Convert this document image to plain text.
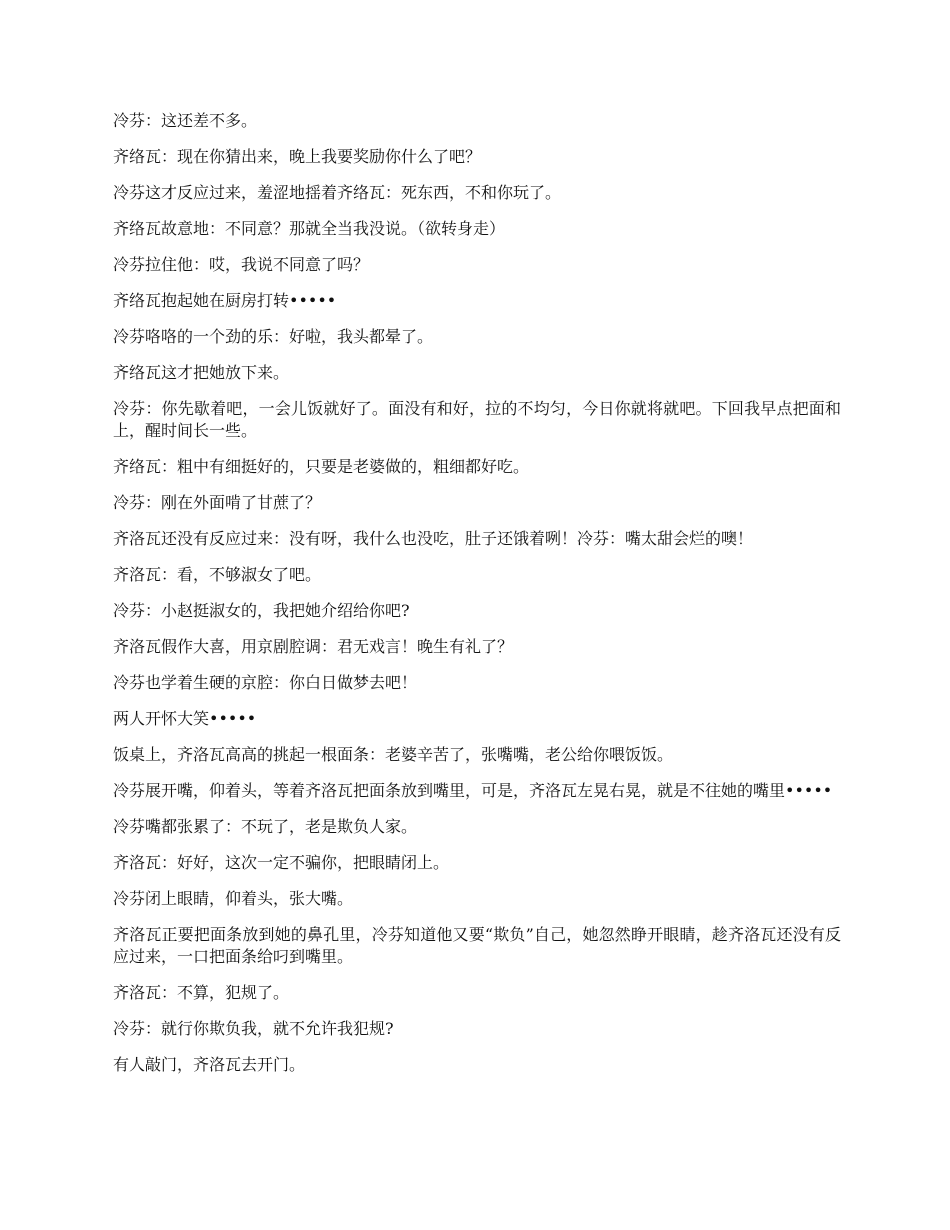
冷芬：这还差不多。

齐络瓦：现在你猜出来，晚上我要奖励你什么了吧？

冷芬这才反应过来，羞涩地揺着齐络瓦：死东西，不和你玩了。

齐络瓦故意地：不同意？那就全当我没说。（欲转身走）

冷芬拉住他：哎，我说不同意了吗？

齐络瓦抱起她在厨房打转•••••

冷芬咯咯的一个劲的乐：好啦，我头都晕了。

齐络瓦这才把她放下来。

冷芬：你先歇着吧，一会儿饭就好了。面没有和好，拉的不均匀，今日你就将就吧。下回我早点把面和上，醒时间长一些。

齐络瓦：粗中有细挺好的，只要是老婆做的，粗细都好吃。

冷芬：刚在外面啃了甘蔗了？

齐洛瓦还没有反应过来：没有呀，我什么也没吃，肚子还饿着咧！冷芬：嘴太甜会烂的噢！

齐洛瓦：看，不够淑女了吧。

冷芬：小赵挺淑女的，我把她介绍给你吧?

齐洛瓦假作大喜，用京剧腔调：君无戏言！晚生有礼了？

冷芬也学着生硬的京腔：你白日做梦去吧！

两人开怀大笑•••••

饭桌上，齐洛瓦高高的挑起一根面条：老婆辛苦了，张嘴嘴，老公给你喂饭饭。

冷芬展开嘴，仰着头，等着齐洛瓦把面条放到嘴里，可是，齐洛瓦左晃右晃，就是不往她的嘴里•••••

冷芬嘴都张累了：不玩了，老是欺负人家。

齐洛瓦：好好，这次一定不骗你，把眼睛闭上。

冷芬闭上眼睛，仰着头，张大嘴。

齐洛瓦正要把面条放到她的鼻孔里，冷芬知道他又要“欺负”自己，她忽然睁开眼睛，趁齐洛瓦还没有反应过来，一口把面条给叼到嘴里。

齐洛瓦：不算，犯规了。

冷芬：就行你欺负我，就不允许我犯规?

有人敲门，齐洛瓦去开门。
